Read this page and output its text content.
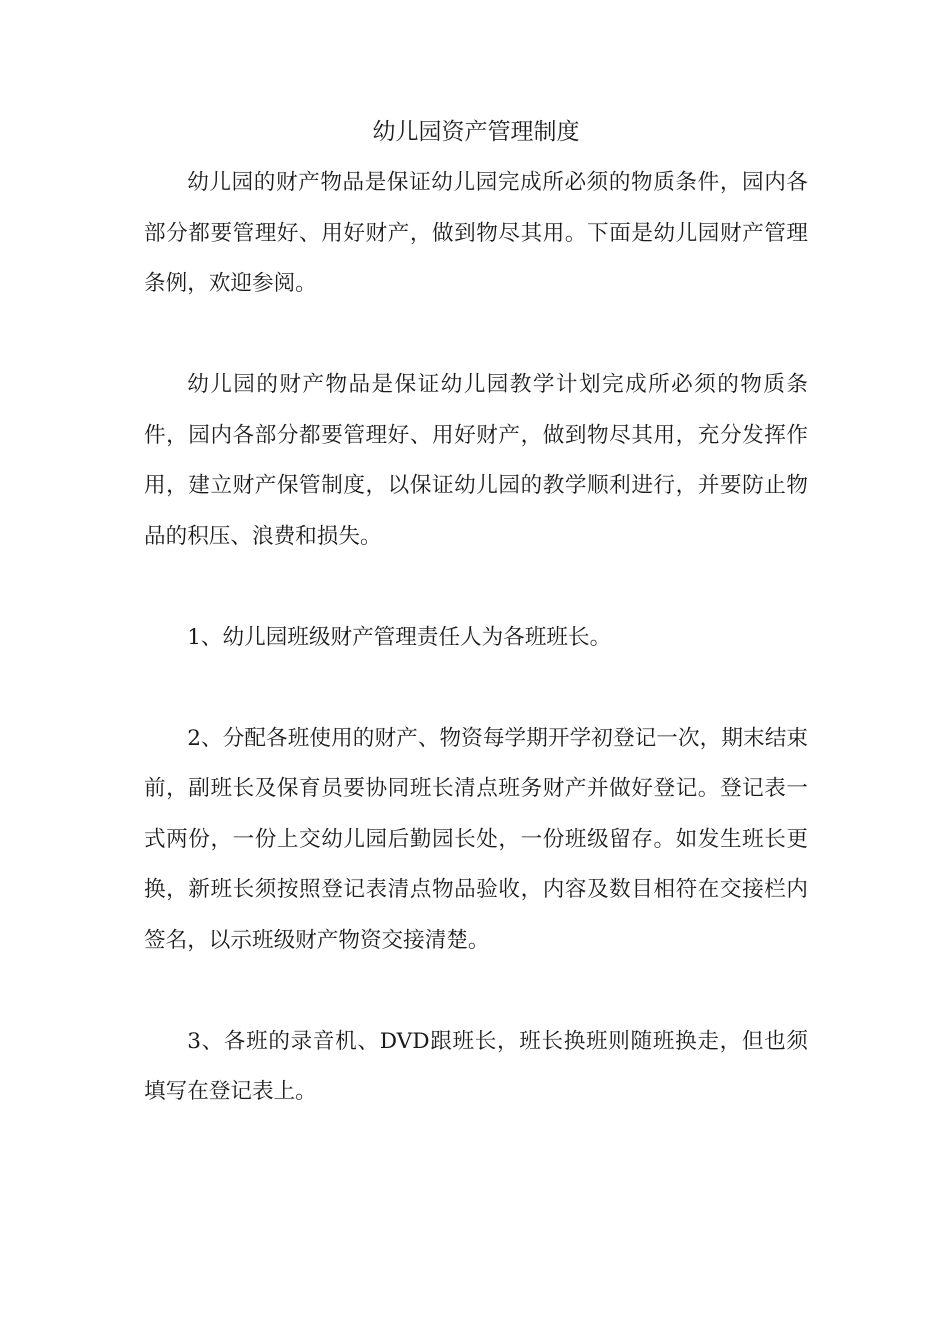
幼儿园资产管理制度

幼儿园的财产物品是保证幼儿园完成所必须的物质条件，园内各部分都要管理好、用好财产，做到物尽其用。下面是幼儿园财产管理条例，欢迎参阅。

幼儿园的财产物品是保证幼儿园教学计划完成所必须的物质条件，园内各部分都要管理好、用好财产，做到物尽其用，充分发挥作用，建立财产保管制度，以保证幼儿园的教学顺利进行，并要防止物品的积压、浪费和损失。

1、幼儿园班级财产管理责任人为各班班长。

2、分配各班使用的财产、物资每学期开学初登记一次，期末结束前，副班长及保育员要协同班长清点班务财产并做好登记。登记表一式两份，一份上交幼儿园后勤园长处，一份班级留存。如发生班长更换，新班长须按照登记表清点物品验收，内容及数目相符在交接栏内签名，以示班级财产物资交接清楚。

3、各班的录音机、DVD跟班长，班长换班则随班换走，但也须填写在登记表上。
